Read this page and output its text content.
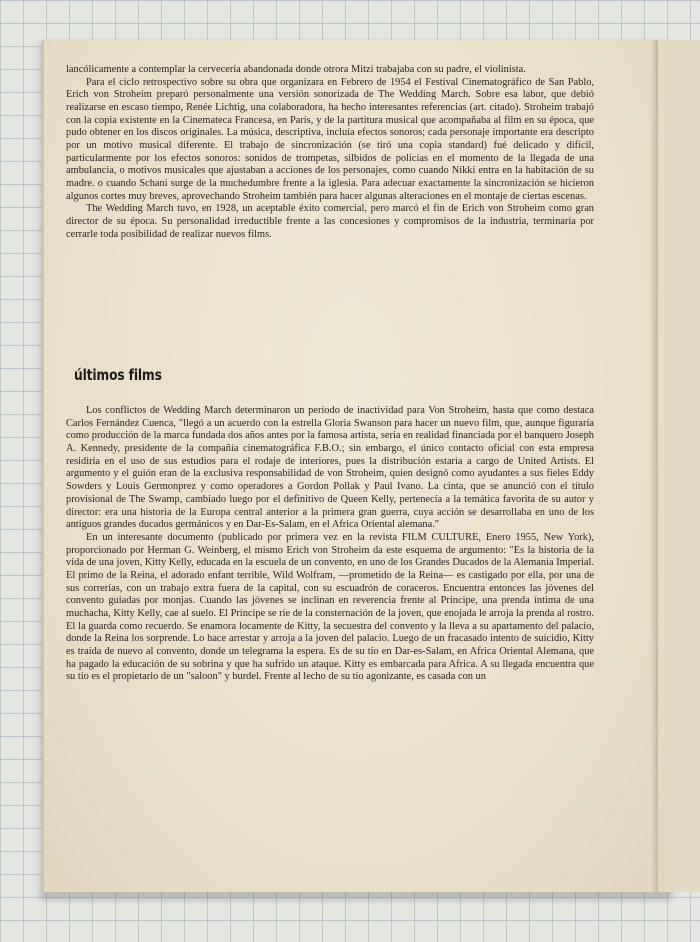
lancólicamente a contemplar la cervecería abandonada donde otrora Mitzi trabajaba con su padre, el violinista.

Para el ciclo retrospectivo sobre su obra que organizara en Febrero de 1954 el Festival Cinematográfico de San Pablo, Erich von Stroheim preparó personalmente una versión sonorizada de The Wedding March. Sobre esa labor, que debió realizarse en escaso tiempo, Renée Lichtig, una colaboradora, ha hecho interesantes referencias (art. citado). Stroheim trabajó con la copia existente en la Cinemateca Francesa, en París, y de la partitura musical que acompañaba al film en su época, que pudo obtener en los discos originales. La música, descriptiva, incluía efectos sonoros; cada personaje importante era descripto por un motivo musical diferente. El trabajo de sincronización (se tiró una copia standard) fué delicado y difícil, particularmente por los efectos sonoros: sonidos de trompetas, silbidos de policías en el momento de la llegada de una ambulancia, o motivos musicales que ajustaban a acciones de los personajes, como cuando Nikki entra en la habitación de su madre. o cuando Schani surge de la muchedumbre frente a la iglesia. Para adecuar exactamente la sincronización se hicieron algunos cortes muy breves, aprovechando Stroheim también para hacer algunas alteraciones en el montaje de ciertas escenas.

The Wedding March tuvo, en 1928, un aceptable éxito comercial, pero marcó el fin de Erich von Stroheim como gran director de su época. Su personalidad irreductible frente a las concesiones y compromisos de la industria, terminaría por cerrarle toda posibilidad de realizar nuevos films.

últimos films

Los conflictos de Wedding March determinaron un período de inactividad para Von Stroheim, hasta que como destaca Carlos Fernández Cuenca, "llegó a un acuerdo con la estrella Gloria Swanson para hacer un nuevo film, que, aunque figuraría como producción de la marca fundada dos años antes por la famosa artista, sería en realidad financiada por el banquero Joseph A. Kennedy, presidente de la compañía cinematográfica F.B.O.; sin embargo, el único contacto oficial con esta empresa residiría en el uso de sus estudios para el rodaje de interiores, pues la distribución estaría a cargo de United Artists. El argumento y el guión eran de la exclusiva responsabilidad de von Stroheim, quien designó como ayudantes a sus fieles Eddy Sowders y Louis Germonprez y como operadores a Gordon Pollak y Paul Ivano. La cinta, que se anunció con el título provisional de The Swamp, cambiado luego por el definitivo de Queen Kelly, pertenecía a la temática favorita de su autor y director: era una historia de la Europa central anterior a la primera gran guerra, cuya acción se desarrollaba en uno de los antiguos grandes ducados germánicos y en Dar-Es-Salam, en el Africa Oriental alemana."

En un interesante documento (publicado por primera vez en la revista FILM CULTURE, Enero 1955, New York), proporcionado por Herman G. Weinberg, el mismo Erich von Stroheim da este esquema de argumento: "Es la historia de la vida de una joven, Kitty Kelly, educada en la escuela de un convento, en uno de los Grandes Ducados de la Alemania Imperial. El primo de la Reina, el adorado enfant terrible, Wild Wolfram, —prometido de la Reina— es castigado por ella, por una de sus correrías, con un trabajo extra fuera de la capital, con su escuadrón de coraceros. Encuentra entonces las jóvenes del convento guiadas por monjas. Cuando las jóvenes se inclinan en reverencia frente al Príncipe, una prenda íntima de una muchacha, Kitty Kelly, cae al suelo. El Príncipe se ríe de la consternación de la joven, que enojada le arroja la prenda al rostro. El la guarda como recuerdo. Se enamora locamente de Kitty, la secuestra del convento y la lleva a su apartamento del palacio, donde la Reina los sorprende. Lo hace arrestar y arroja a la joven del palacio. Luego de un fracasado intento de suicidio, Kitty es traída de nuevo al convento, donde un telegrama la espera. Es de su tío en Dar-es-Salam, en Africa Oriental Alemana, que ha pagado la educación de su sobrina y que ha sufrido un ataque. Kitty es embarcada para Africa. A su llegada encuentra que su tío es el propietario de un "saloon" y burdel. Frente al lecho de su tío agonizante, es casada con un
